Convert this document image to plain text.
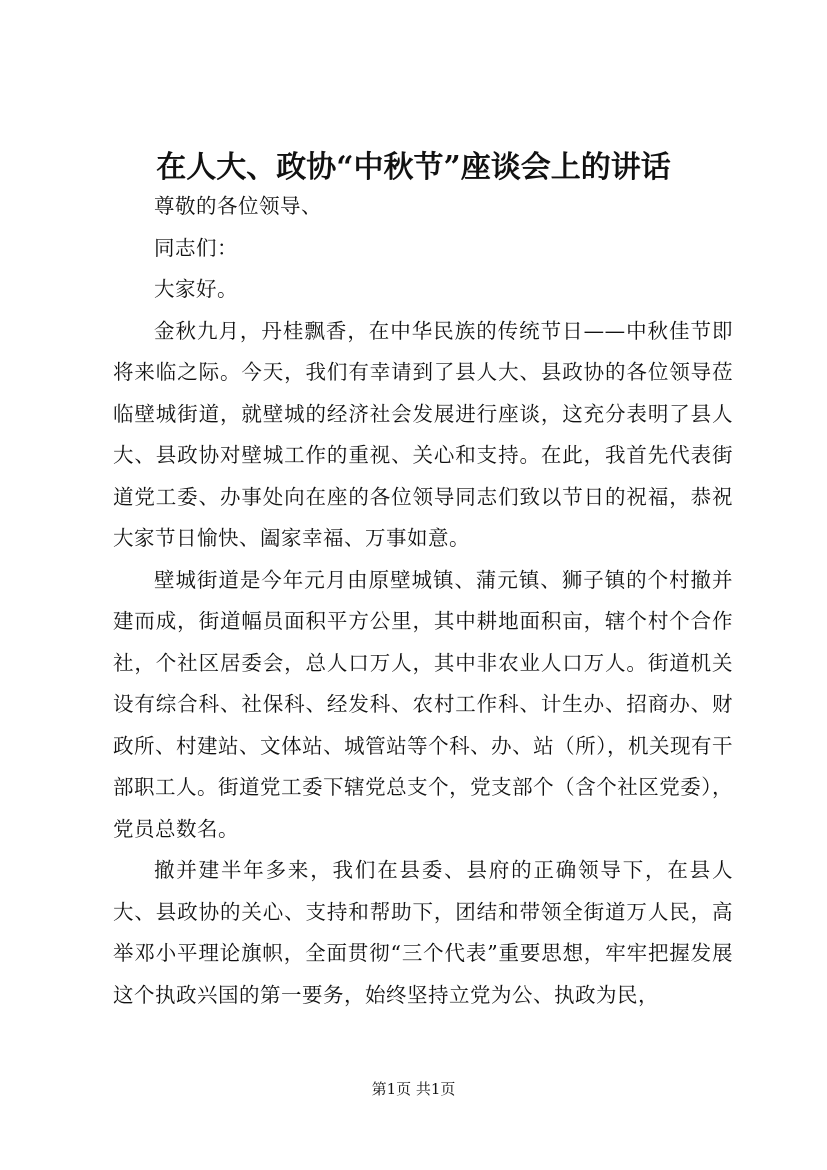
在人大、政协“中秋节”座谈会上的讲话

尊敬的各位领导、

同志们：

大家好。

金秋九月，丹桂飘香，在中华民族的传统节日——中秋佳节即将来临之际。今天，我们有幸请到了县人大、县政协的各位领导莅临壁城街道，就壁城的经济社会发展进行座谈，这充分表明了县人大、县政协对壁城工作的重视、关心和支持。在此，我首先代表街道党工委、办事处向在座的各位领导同志们致以节日的祝福，恭祝大家节日愉快、阖家幸福、万事如意。

壁城街道是今年元月由原壁城镇、蒲元镇、狮子镇的个村撤并建而成，街道幅员面积平方公里，其中耕地面积亩，辖个村个合作社，个社区居委会，总人口万人，其中非农业人口万人。街道机关设有综合科、社保科、经发科、农村工作科、计生办、招商办、财政所、村建站、文体站、城管站等个科、办、站（所），机关现有干部职工人。街道党工委下辖党总支个，党支部个（含个社区党委），党员总数名。

撤并建半年多来，我们在县委、县府的正确领导下，在县人大、县政协的关心、支持和帮助下，团结和带领全街道万人民，高举邓小平理论旗帜，全面贯彻“三个代表”重要思想，牢牢把握发展这个执政兴国的第一要务，始终坚持立党为公、执政为民，

第1页 共1页
